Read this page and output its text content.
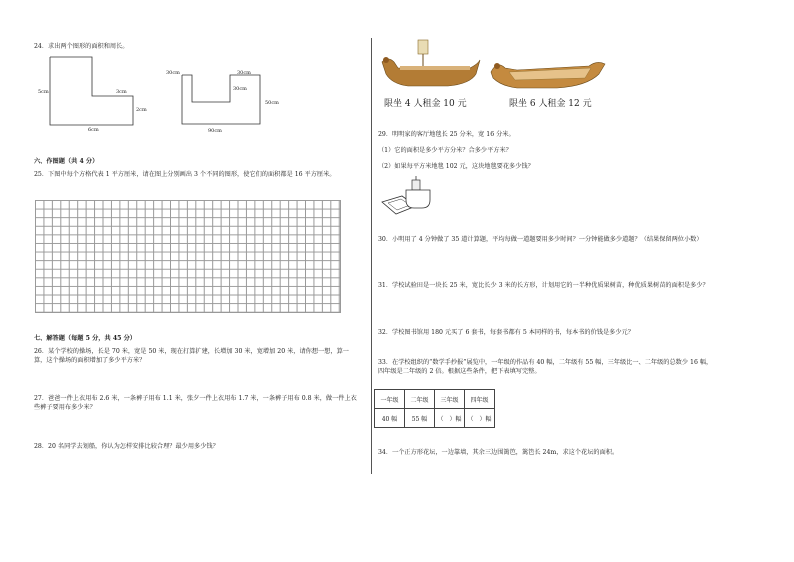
24．求出两个图形的面积和周长。
5cm	3cm
2cm
6cm
30cm	30cm
30cm
50cm
90cm
六、作图题（共 4 分）
25．下图中每个方格代表 1 平方厘米，请在图上分别画出 3 个不同的图形，使它们的面积都是 16 平方厘米。
七、解答题（每题 5 分，共 45 分）
26．某个学校的操场，长是 70 米，宽是 50 米，现在打算扩建，长增加 30 米，宽增加 20 米，请你想一想，算一算，这个操场的面积增加了多少平方米？
27．爸爸一件上衣用布 2.6 米，一条裤子用布 1.1 米，张夕一件上衣用布 1.7 米，一条裤子用布 0.8 米，做一件上衣些裤子要用布多少米？
28．20 名同学去划船，你认为怎样安排比较合理？最少用多少钱？
限坐 4 人租金 10 元	限坐 6 人租金 12 元
29．明明家的客厅地毯长 25 分米，宽 16 分米。
（1）它的面积是多少平方分米？合多少平方米？
（2）如果每平方米地毯 102 元，这块地毯要花多少钱？
30．小明用了 4 分钟做了 35 道计算题，平均每做一道题要用多少时间？一分钟能做多少道题？（结果保留两位小数）
31．学校试验田是一块长 25 米，宽比长少 3 米的长方形，计划用它的一半种优质果树苗，种优质果树苗的面积是多少？
32．学校图书馆用 180 元买了 6 套书，每套书都有 5 本同样的书，每本书的价钱是多少元？
33．在学校组织的“数学手抄报”展览中，一年级的作品有 40 幅，二年级有 55 幅，三年级比一、二年级的总数少 16 幅，四年级是二年级的 2 倍。根据这些条件，把下表填写完整。
一年级	二年级	三年级	四年级
40 幅	55 幅	（　）幅	（　）幅
34．一个正方形花坛，一边靠墙，其余三边围篱笆，篱笆长 24m，求这个花坛的面积。
